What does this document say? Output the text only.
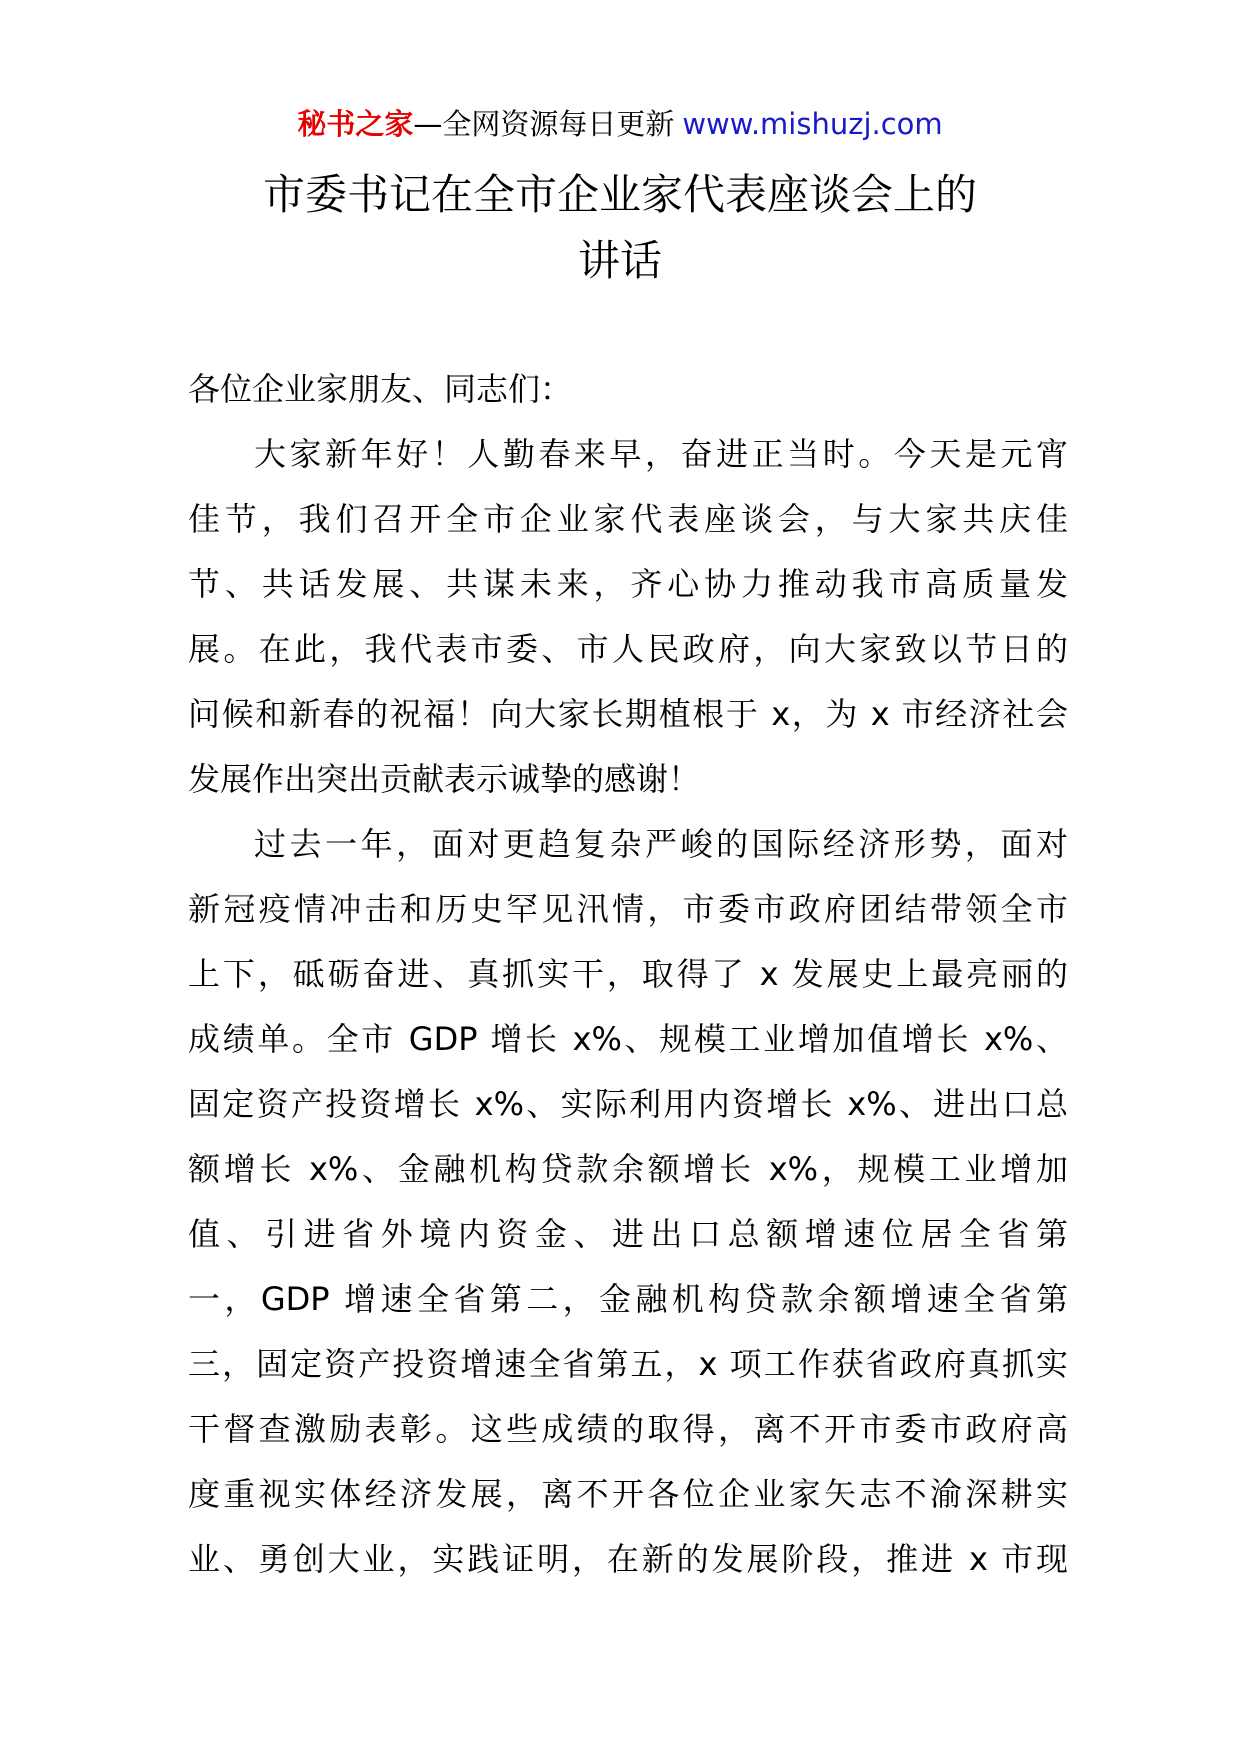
秘书之家—全网资源每日更新 www.mishuzj.com
市委书记在全市企业家代表座谈会上的
讲话
各位企业家朋友、同志们：
大家新年好！人勤春来早，奋进正当时。今天是元宵
佳节，我们召开全市企业家代表座谈会，与大家共庆佳
节、共话发展、共谋未来，齐心协力推动我市高质量发
展。在此，我代表市委、市人民政府，向大家致以节日的
问候和新春的祝福！向大家长期植根于 x，为 x 市经济社会
发展作出突出贡献表示诚挚的感谢！
过去一年，面对更趋复杂严峻的国际经济形势，面对
新冠疫情冲击和历史罕见汛情，市委市政府团结带领全市
上下，砥砺奋进、真抓实干，取得了 x 发展史上最亮丽的
成绩单。全市 GDP 增长 x%、规模工业增加值增长 x%、
固定资产投资增长 x%、实际利用内资增长 x%、进出口总
额增长 x%、金融机构贷款余额增长 x%，规模工业增加
值、引进省外境内资金、进出口总额增速位居全省第
一，GDP 增速全省第二，金融机构贷款余额增速全省第
三，固定资产投资增速全省第五，x 项工作获省政府真抓实
干督查激励表彰。这些成绩的取得，离不开市委市政府高
度重视实体经济发展，离不开各位企业家矢志不渝深耕实
业、勇创大业，实践证明，在新的发展阶段，推进 x 市现
